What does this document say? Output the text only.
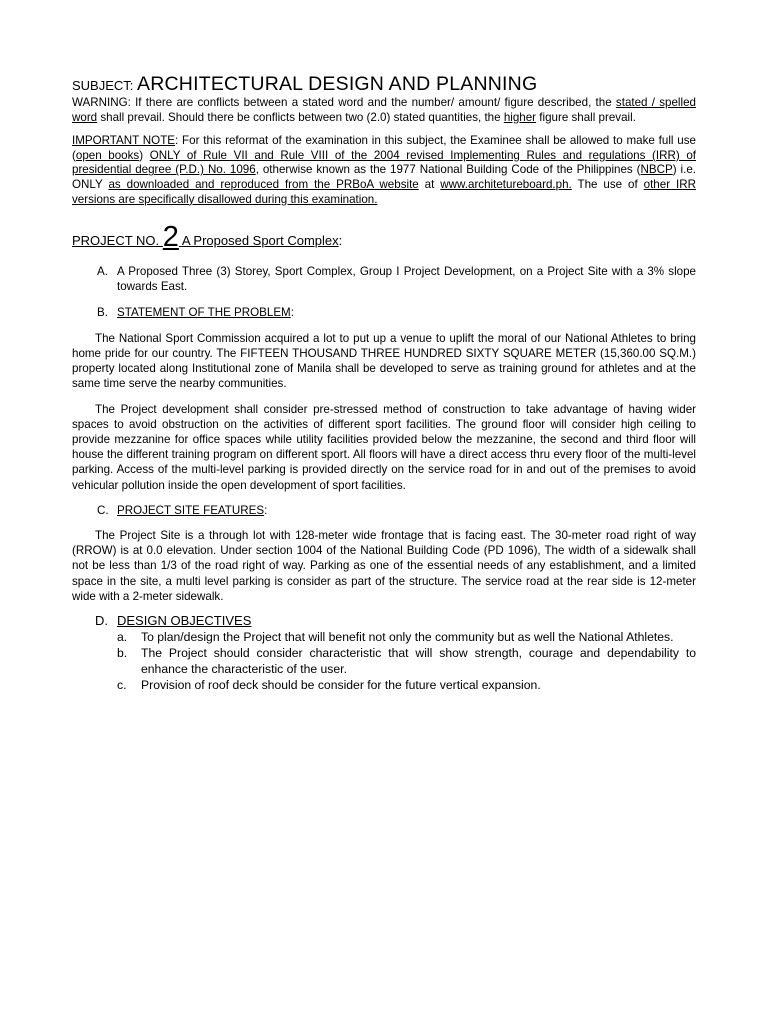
SUBJECT: ARCHITECTURAL DESIGN AND PLANNING

WARNING: If there are conflicts between a stated word and the number/ amount/ figure described, the stated / spelled word shall prevail. Should there be conflicts between two (2.0) stated quantities, the higher figure shall prevail.

IMPORTANT NOTE: For this reformat of the examination in this subject, the Examinee shall be allowed to make full use (open books) ONLY of Rule VII and Rule VIII of the 2004 revised Implementing Rules and regulations (IRR) of presidential degree (P.D.) No. 1096, otherwise known as the 1977 National Building Code of the Philippines (NBCP) i.e. ONLY as downloaded and reproduced from the PRBoA website at www.architetureboard.ph. The use of other IRR versions are specifically disallowed during this examination.

PROJECT NO. 2 A Proposed Sport Complex:

A. A Proposed Three (3) Storey, Sport Complex, Group I Project Development, on a Project Site with a 3% slope towards East.
B. STATEMENT OF THE PROBLEM:

The National Sport Commission acquired a lot to put up a venue to uplift the moral of our National Athletes to bring home pride for our country. The FIFTEEN THOUSAND THREE HUNDRED SIXTY SQUARE METER (15,360.00 SQ.M.) property located along Institutional zone of Manila shall be developed to serve as training ground for athletes and at the same time serve the nearby communities.

The Project development shall consider pre-stressed method of construction to take advantage of having wider spaces to avoid obstruction on the activities of different sport facilities. The ground floor will consider high ceiling to provide mezzanine for office spaces while utility facilities provided below the mezzanine, the second and third floor will house the different training program on different sport. All floors will have a direct access thru every floor of the multi-level parking. Access of the multi-level parking is provided directly on the service road for in and out of the premises to avoid vehicular pollution inside the open development of sport facilities.

C. PROJECT SITE FEATURES:

The Project Site is a through lot with 128-meter wide frontage that is facing east. The 30-meter road right of way (RROW) is at 0.0 elevation. Under section 1004 of the National Building Code (PD 1096), The width of a sidewalk shall not be less than 1/3 of the road right of way. Parking as one of the essential needs of any establishment, and a limited space in the site, a multi level parking is consider as part of the structure. The service road at the rear side is 12-meter wide with a 2-meter sidewalk.

D. DESIGN OBJECTIVES
a. To plan/design the Project that will benefit not only the community but as well the National Athletes.
b. The Project should consider characteristic that will show strength, courage and dependability to enhance the characteristic of the user.
c. Provision of roof deck should be consider for the future vertical expansion.
